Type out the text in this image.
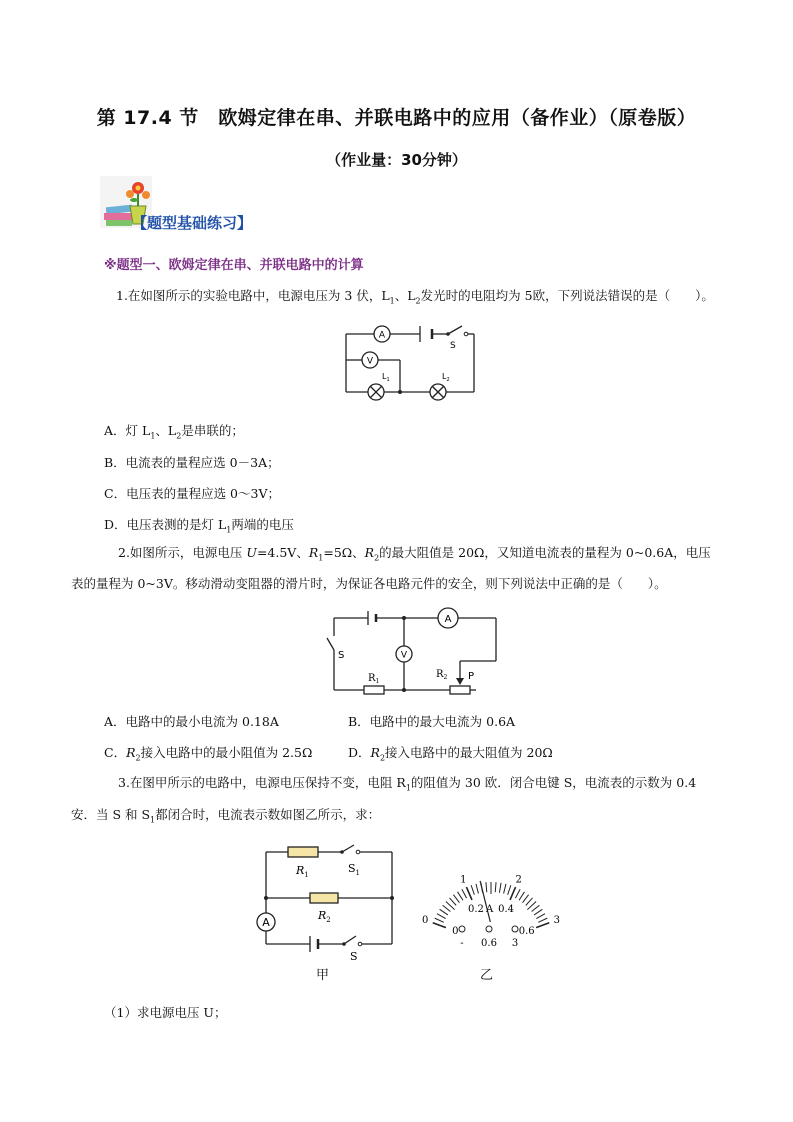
第 17.4 节　欧姆定律在串、并联电路中的应用（备作业）（原卷版）
（作业量：30分钟）
【题型基础练习】
※题型一、欧姆定律在串、并联电路中的计算
1.在如图所示的实验电路中，电源电压为 3 伏，$L_1$、$L_2$发光时的电阻均为 5欧，下列说法错误的是（　　）。
A
V
S
$L_1$	$L_2$
A．灯 $L_1$、$L_2$是串联的；
B．电流表的量程应选 0－3A；
C．电压表的量程应选 0～3V；
D．电压表测的是灯 $L_1$两端的电压
2.如图所示，电源电压 U=4.5V、$R_1=5\Omega$、$R_2$的最大阻值是 20Ω，又知道电流表的量程为 0~0.6A，电压
表的量程为 0~3V。移动滑动变阻器的滑片时，为保证各电路元件的安全，则下列说法中正确的是（　　）。
S	V
A
$R_1$
$R_2$ P
A．电路中的最小电流为 0.18A	B．电路中的最大电流为 0.6A
C．$R_2$接入电路中的最小阻值为 2.5Ω	D．$R_2$接入电路中的最大阻值为 20Ω
3.在图甲所示的电路中，电源电压保持不变，电阻 $R_1$的阻值为 30 欧．闭合电键 S，电流表的示数为 0.4
安．当 S 和 $S_1$都闭合时，电流表示数如图乙所示，求：
A
$R_1$
$R_2$
$S_1$
S
甲
0
1	2
3
0
0.2 0.4
0.6
A
- 0.6 3
乙
（1）求电源电压 U；
